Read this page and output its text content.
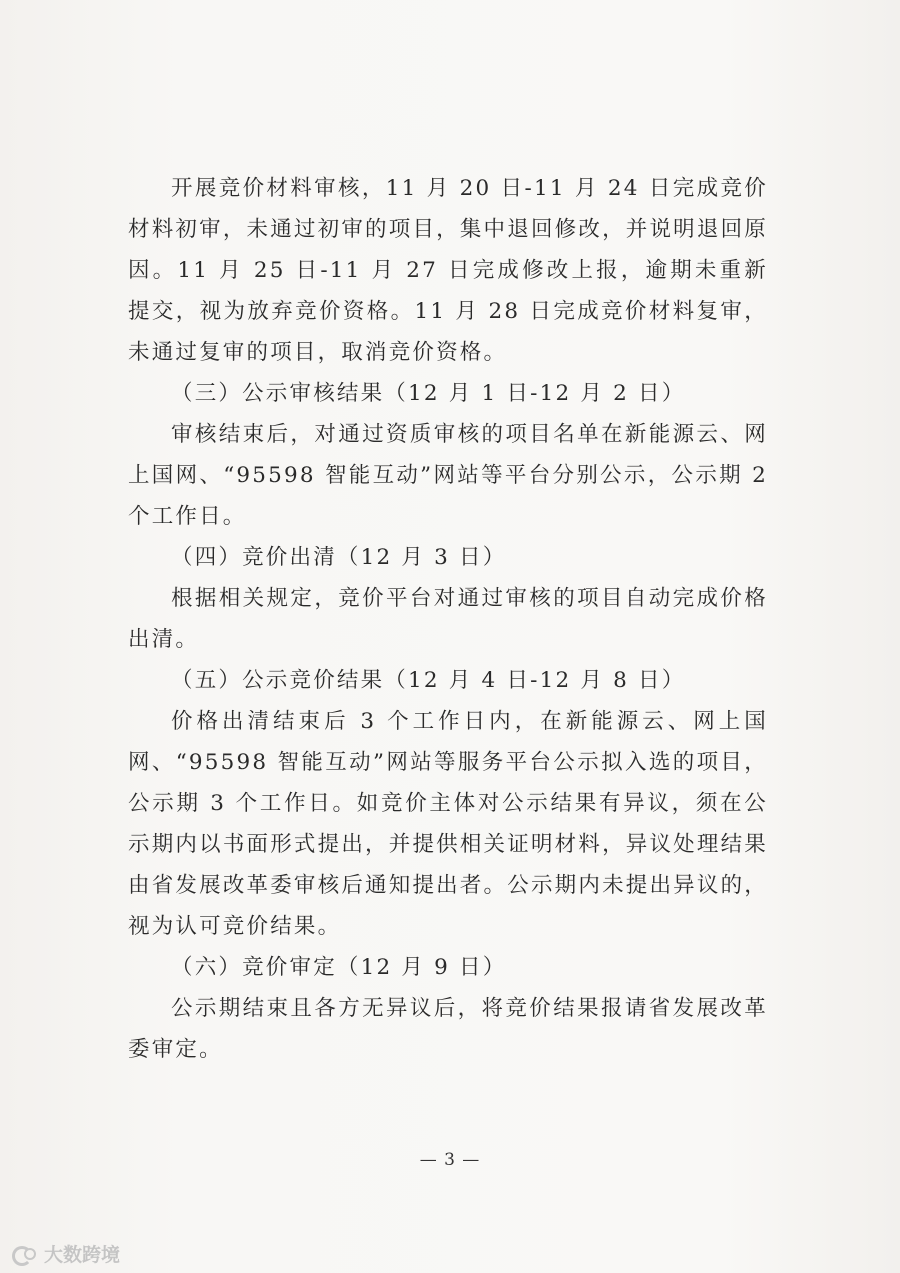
开展竞价材料审核，11 月 20 日-11 月 24 日完成竞价材料初审，未通过初审的项目，集中退回修改，并说明退回原因。11 月 25 日-11 月 27 日完成修改上报，逾期未重新提交，视为放弃竞价资格。11 月 28 日完成竞价材料复审，未通过复审的项目，取消竞价资格。

（三）公示审核结果（12 月 1 日-12 月 2 日）

审核结束后，对通过资质审核的项目名单在新能源云、网上国网、“95598 智能互动”网站等平台分别公示，公示期 2 个工作日。

（四）竞价出清（12 月 3 日）

根据相关规定，竞价平台对通过审核的项目自动完成价格出清。

（五）公示竞价结果（12 月 4 日-12 月 8 日）

价格出清结束后 3 个工作日内，在新能源云、网上国网、“95598 智能互动”网站等服务平台公示拟入选的项目，公示期 3 个工作日。如竞价主体对公示结果有异议，须在公示期内以书面形式提出，并提供相关证明材料，异议处理结果由省发展改革委审核后通知提出者。公示期内未提出异议的，视为认可竞价结果。

（六）竞价审定（12 月 9 日）

公示期结束且各方无异议后，将竞价结果报请省发展改革委审定。

— 3 —
大数跨境
